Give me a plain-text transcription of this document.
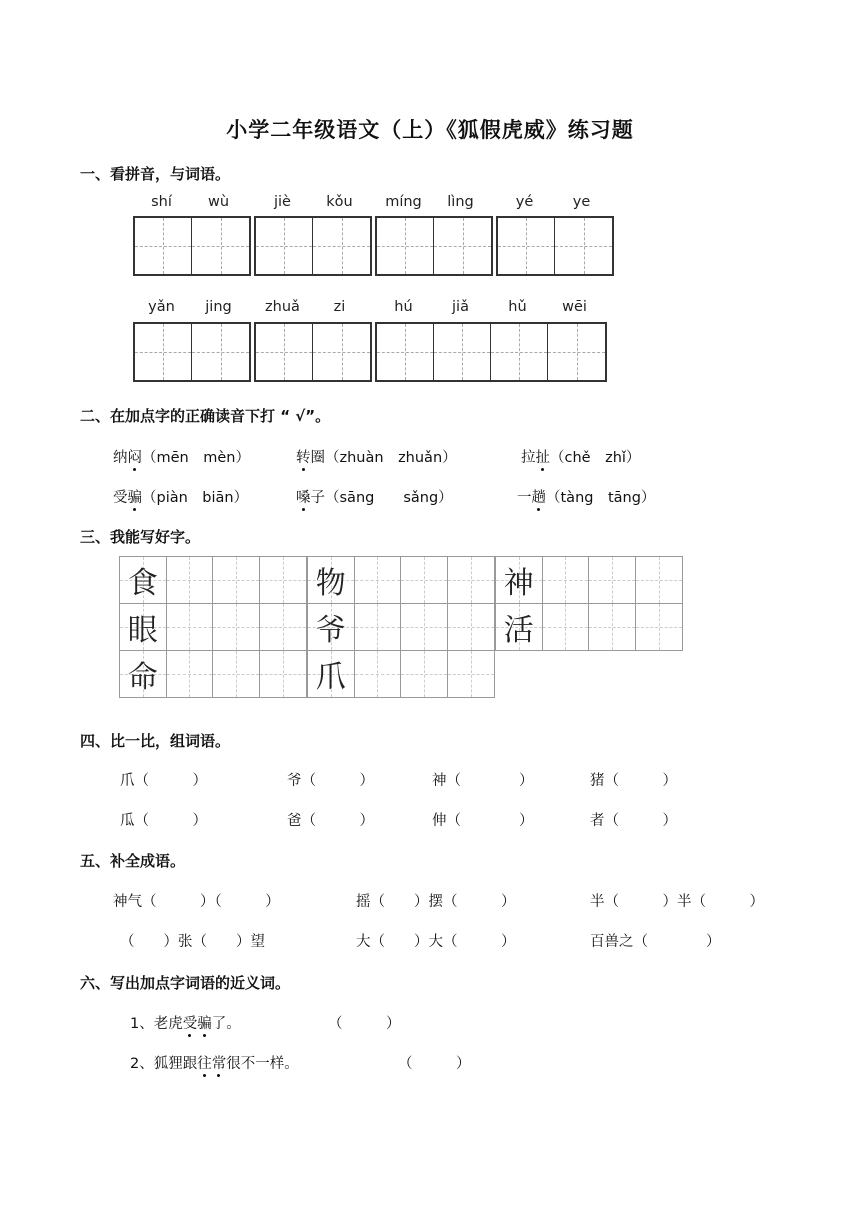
小学二年级语文（上）《狐假虎威》练习题
一、看拼音，与词语。
二、在加点字的正确读音下打 “ √”。
三、我能写好字。
四、比一比，组词语。
五、补全成语。
六、写出加点字词语的近义词。
shí	wù	jiè	kǒu	míng	lìng	yé	ye
yǎn	jing	zhuǎ	zi	hú	jiǎ	hǔ	wēi
纳闷（mēn　mèn）	转圈（zhuàn　zhuǎn）	拉扯（chě　zhǐ）
受骗（piàn　biān）	嗓子（sāng　　sǎng）	一趟（tàng　tāng）
食	物	神
眼	爷	活
命	爪
爪（　　　）	爷（　　　）	神（　　　　）	猪（　　　）
瓜（　　　）	爸（　　　）	伸（　　　　）	者（　　　）
神气（　　　）（　　　）	摇（　　）摆（　　　）	半（　　　）半（　　　）
（　　）张（　　）望	大（　　）大（　　　）	百兽之（　　　　）
1、老虎受骗了。	（　　　）
2、狐狸跟往常很不一样。	（　　　）
